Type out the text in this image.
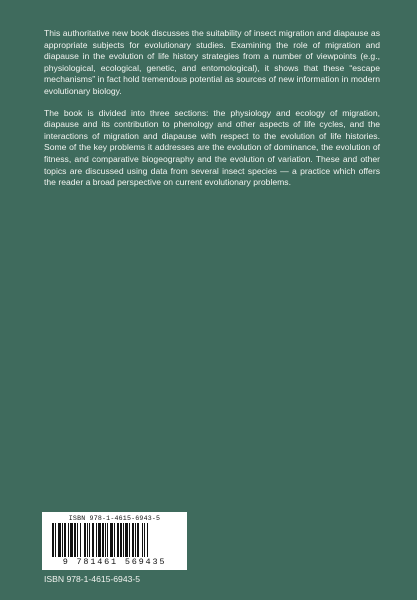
This authoritative new book discusses the suitability of insect migration and diapause as appropriate subjects for evolutionary studies. Examining the role of migration and diapause in the evolution of life history strategies from a number of viewpoints (e.g., physiological, ecological, genetic, and entomological), it shows that these “escape mechanisms” in fact hold tremendous potential as sources of new information in modern evolutionary biology.

The book is divided into three sections: the physiology and ecology of migration, diapause and its contribution to phenology and other aspects of life cycles, and the interactions of migration and diapause with respect to the evolution of life histories. Some of the key problems it addresses are the evolution of dominance, the evolution of fitness, and comparative biogeography and the evolution of variation. These and other topics are discussed using data from several insect species — a practice which offers the reader a broad perspective on current evolutionary problems.

ISBN 978-1-4615-6943-5
9 781461 569435
ISBN 978-1-4615-6943-5
